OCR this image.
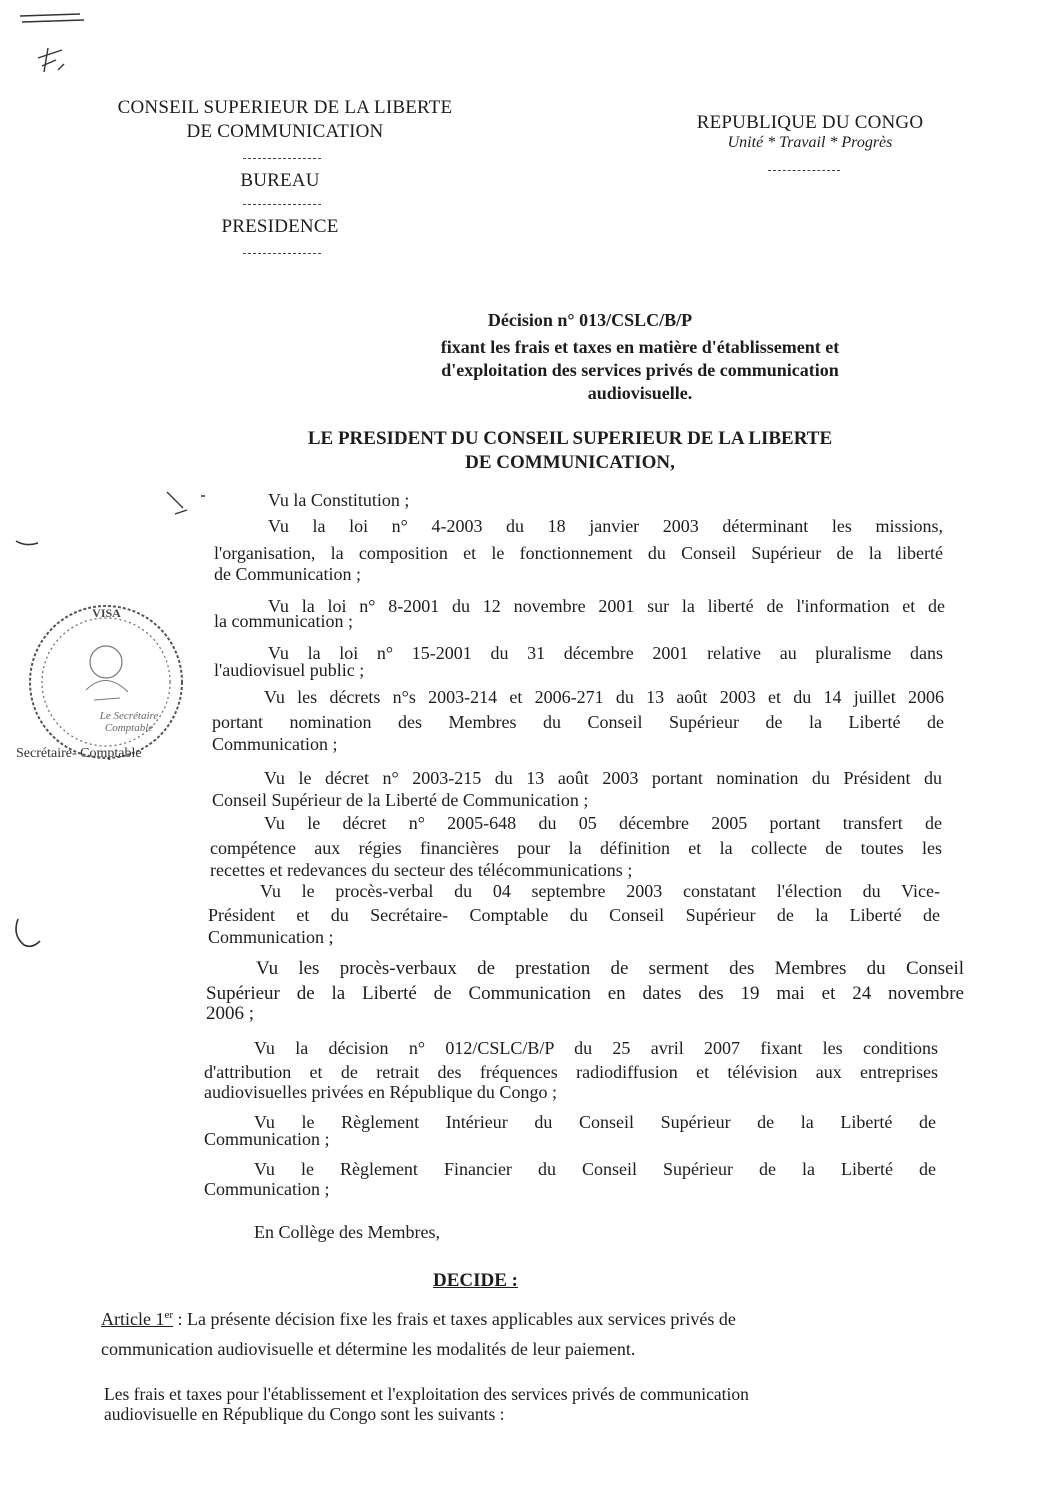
CONSEIL SUPERIEUR DE LA LIBERTE
DE COMMUNICATION
BUREAU
PRESIDENCE
REPUBLIQUE DU CONGO
Unité * Travail * Progrès
Décision n° 013/CSLC/B/P
fixant les frais et taxes en matière d'établissement et
d'exploitation des services privés de communication
audiovisuelle.
LE PRESIDENT DU CONSEIL SUPERIEUR DE LA LIBERTE
DE COMMUNICATION,
Vu la Constitution ;
Vu la loi n° 4-2003 du 18 janvier 2003 déterminant les missions,
l'organisation, la composition et le fonctionnement du Conseil Supérieur de la liberté
de Communication ;
Vu la loi n° 8-2001 du 12 novembre 2001 sur la liberté de l'information et de
la communication ;
Vu la loi n° 15-2001 du 31 décembre 2001 relative au pluralisme dans
l'audiovisuel public ;
Vu les décrets n°s 2003-214 et 2006-271 du 13 août 2003 et du 14 juillet 2006
portant nomination des Membres du Conseil Supérieur de la Liberté de
Communication ;
Vu le décret n° 2003-215 du 13 août 2003 portant nomination du Président du
Conseil Supérieur de la Liberté de Communication ;
Vu le décret n° 2005-648 du 05 décembre 2005 portant transfert de
compétence aux régies financières pour la définition et la collecte de toutes les
recettes et redevances du secteur des télécommunications ;
Vu le procès-verbal du 04 septembre 2003 constatant l'élection du Vice-
Président et du Secrétaire- Comptable du Conseil Supérieur de la Liberté de
Communication ;
Vu les procès-verbaux de prestation de serment des Membres du Conseil
Supérieur de la Liberté de Communication en dates des 19 mai et 24 novembre
2006 ;
Vu la décision n° 012/CSLC/B/P du 25 avril 2007 fixant les conditions
d'attribution et de retrait des fréquences radiodiffusion et télévision aux entreprises
audiovisuelles privées en République du Congo ;
Vu le Règlement Intérieur du Conseil Supérieur de la Liberté de
Communication ;
Vu le Règlement Financier du Conseil Supérieur de la Liberté de
Communication ;
En Collège des Membres,
DECIDE :
Article 1er : La présente décision fixe les frais et taxes applicables aux services privés de
communication audiovisuelle et détermine les modalités de leur paiement.
Les frais et taxes pour l'établissement et l'exploitation des services privés de communication
audiovisuelle en République du Congo sont les suivants :
VISA
Le Secrétaire Comptable
Secrétaire- Comptable
